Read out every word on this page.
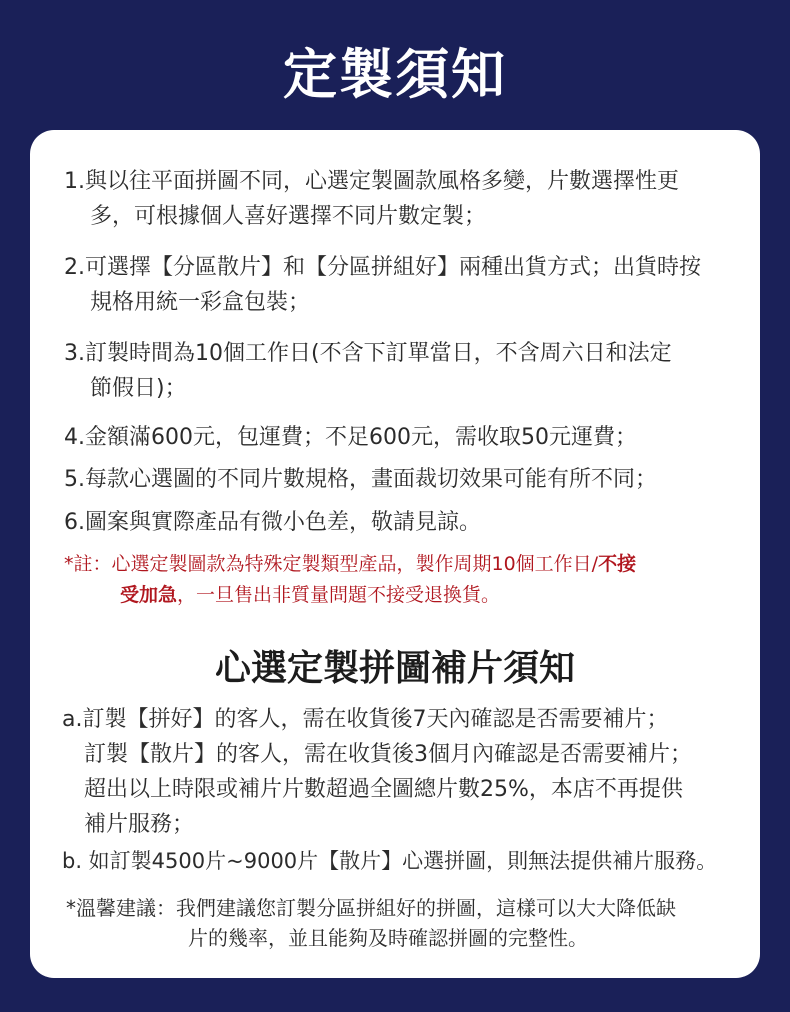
定製須知
1.與以往平面拼圖不同，心選定製圖款風格多變，片數選擇性更
多，可根據個人喜好選擇不同片數定製；
2.可選擇【分區散片】和【分區拼組好】兩種出貨方式；出貨時按
規格用統一彩盒包裝；
3.訂製時間為10個工作日(不含下訂單當日，不含周六日和法定
節假日)；
4.金額滿600元，包運費；不足600元，需收取50元運費；
5.每款心選圖的不同片數規格，畫面裁切效果可能有所不同；
6.圖案與實際產品有微小色差，敬請見諒。
*註：心選定製圖款為特殊定製類型產品，製作周期10個工作日/不接
受加急，一旦售出非質量問題不接受退換貨。
心選定製拼圖補片須知
a.訂製【拼好】的客人，需在收貨後7天內確認是否需要補片；
訂製【散片】的客人，需在收貨後3個月內確認是否需要補片；
超出以上時限或補片片數超過全圖總片數25%，本店不再提供
補片服務；
b. 如訂製4500片~9000片【散片】心選拼圖，則無法提供補片服務。
*溫馨建議：我們建議您訂製分區拼組好的拼圖，這樣可以大大降低缺
片的幾率，並且能夠及時確認拼圖的完整性。
